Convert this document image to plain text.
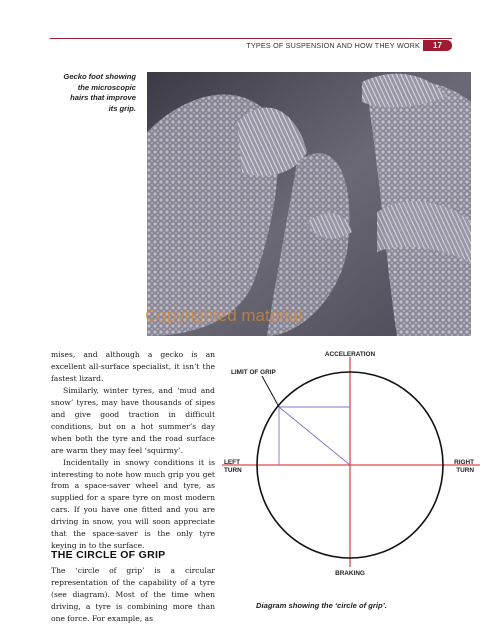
TYPES OF SUSPENSION AND HOW THEY WORK	17
Gecko foot showing
the microscopic
hairs that improve
its grip.
Copyrighted material

mises, and although a gecko is an excellent all-surface specialist, it isn’t the fastest lizard.

Similarly, winter tyres, and ‘mud and snow’ tyres, may have thousands of sipes and give good traction in difficult conditions, but on a hot summer’s day when both the tyre and the road surface are warm they may feel ‘squirmy’.

Incidentally in snowy conditions it is interesting to note how much grip you get from a space-saver wheel and tyre, as supplied for a spare tyre on most modern cars. If you have one fitted and you are driving in snow, you will soon appreciate that the space-saver is the only tyre keying in to the surface.

THE CIRCLE OF GRIP

The ‘circle of grip’ is a circular representation of the capability of a tyre (see diagram). Most of the time when driving, a tyre is combining more than one force. For example, as

ACCELERATION
LIMIT OF GRIP
LEFT
TURN
RIGHT
TURN
BRAKING
Diagram showing the ‘circle of grip’.
